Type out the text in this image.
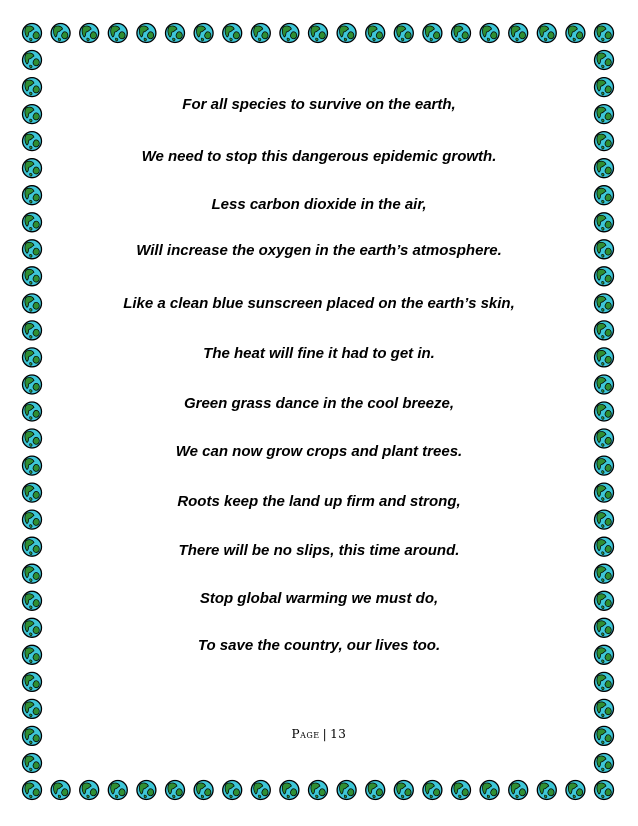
For all species to survive on the earth,

We need to stop this dangerous epidemic growth.

Less carbon dioxide in the air,

Will increase the oxygen in the earth’s atmosphere.

Like a clean blue sunscreen placed on the earth’s skin,

The heat will fine it had to get in.

Green grass dance in the cool breeze,

We can now grow crops and plant trees.

Roots keep the land up firm and strong,

There will be no slips, this time around.

Stop global warming we must do,

To save the country, our lives too.

Page | 13
